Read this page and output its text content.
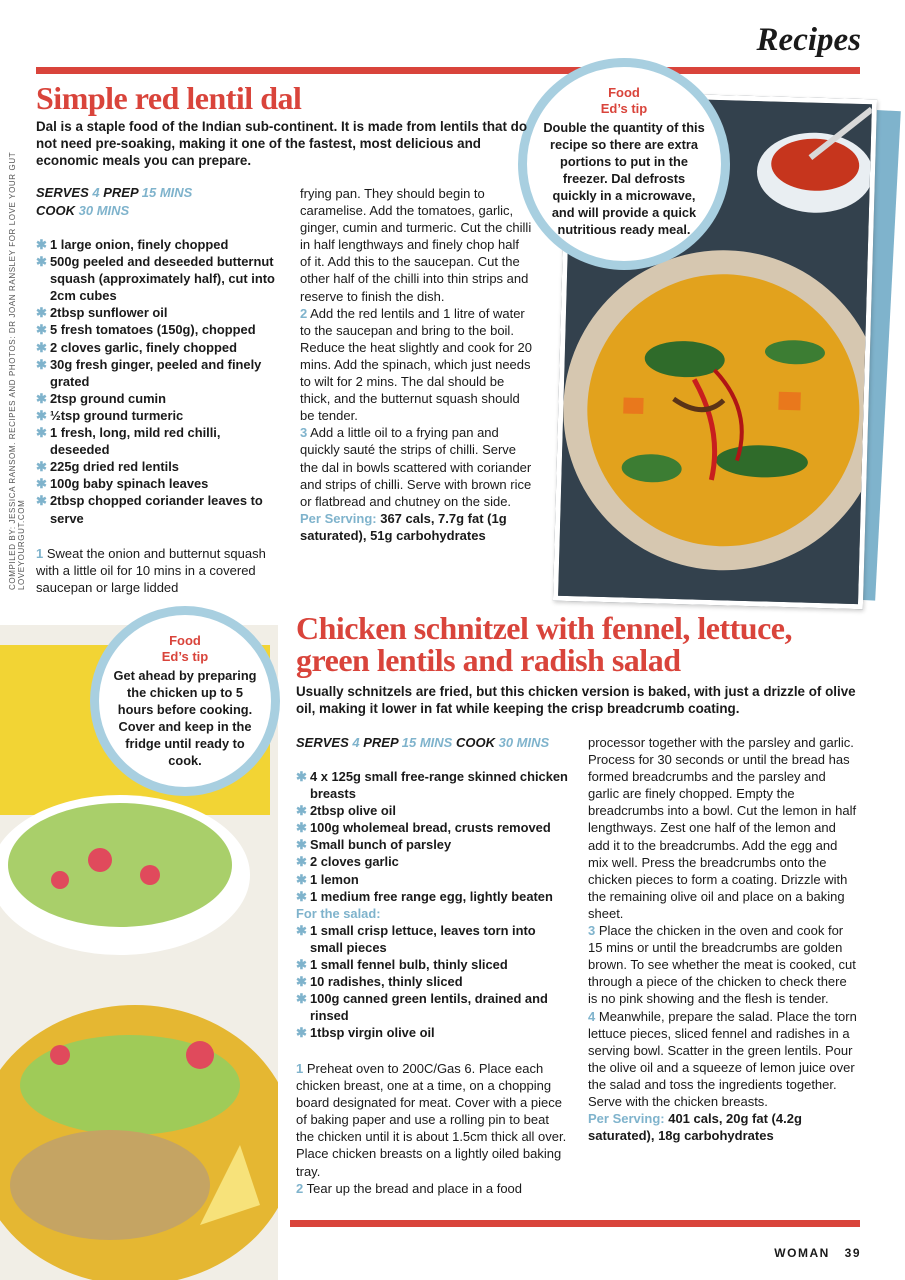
Recipes
COMPILED BY: JESSICA RANSOM. RECIPES AND PHOTOS: DR JOAN RANSLEY FOR LOVE YOUR GUT LOVEYOURGUT.COM
Food
Ed’s tip
Double the quantity of this recipe so there are extra portions to put in the freezer. Dal defrosts quickly in a microwave, and will provide a quick nutritious ready meal.
Simple red lentil dal
Dal is a staple food of the Indian sub-continent. It is made from lentils that do not need pre-soaking, making it one of the fastest, most delicious and economic meals you can prepare.
SERVES 4 PREP 15 MINS
COOK 30 MINS
✱ 1 large onion, finely chopped
✱ 500g peeled and deseeded butternut squash (approximately half), cut into 2cm cubes
✱ 2tbsp sunflower oil
✱ 5 fresh tomatoes (150g), chopped
✱ 2 cloves garlic, finely chopped
✱ 30g fresh ginger, peeled and finely grated
✱ 2tsp ground cumin
✱ ½tsp ground turmeric
✱ 1 fresh, long, mild red chilli, deseeded
✱ 225g dried red lentils
✱ 100g baby spinach leaves
✱ 2tbsp chopped coriander leaves to serve

1 Sweat the onion and butternut squash with a little oil for 10 mins in a covered saucepan or large lidded

frying pan. They should begin to caramelise. Add the tomatoes, garlic, ginger, cumin and turmeric. Cut the chilli in half lengthways and finely chop half of it. Add this to the saucepan. Cut the other half of the chilli into thin strips and reserve to finish the dish.

2 Add the red lentils and 1 litre of water to the saucepan and bring to the boil. Reduce the heat slightly and cook for 20 mins. Add the spinach, which just needs to wilt for 2 mins. The dal should be thick, and the butternut squash should be tender.

3 Add a little oil to a frying pan and quickly sauté the strips of chilli. Serve the dal in bowls scattered with coriander and strips of chilli. Serve with brown rice or flatbread and chutney on the side.

Per Serving: 367 cals, 7.7g fat (1g saturated), 51g carbohydrates

Food
Ed’s tip
Get ahead by preparing the chicken up to 5 hours before cooking. Cover and keep in the fridge until ready to cook.
Chicken schnitzel with fennel, lettuce, green lentils and radish salad
Usually schnitzels are fried, but this chicken version is baked, with just a drizzle of olive oil, making it lower in fat while keeping the crisp breadcrumb coating.
SERVES 4 PREP 15 MINS COOK 30 MINS
✱ 4 x 125g small free-range skinned chicken breasts
✱ 2tbsp olive oil
✱ 100g wholemeal bread, crusts removed
✱ Small bunch of parsley
✱ 2 cloves garlic
✱ 1 lemon
✱ 1 medium free range egg, lightly beaten
For the salad:
✱ 1 small crisp lettuce, leaves torn into small pieces
✱ 1 small fennel bulb, thinly sliced
✱ 10 radishes, thinly sliced
✱ 100g canned green lentils, drained and rinsed
✱ 1tbsp virgin olive oil

1 Preheat oven to 200C/Gas 6. Place each chicken breast, one at a time, on a chopping board designated for meat. Cover with a piece of baking paper and use a rolling pin to beat the chicken until it is about 1.5cm thick all over. Place chicken breasts on a lightly oiled baking tray.

2 Tear up the bread and place in a food

processor together with the parsley and garlic. Process for 30 seconds or until the bread has formed breadcrumbs and the parsley and garlic are finely chopped. Empty the breadcrumbs into a bowl. Cut the lemon in half lengthways. Zest one half of the lemon and add it to the breadcrumbs. Add the egg and mix well. Press the breadcrumbs onto the chicken pieces to form a coating. Drizzle with the remaining olive oil and place on a baking sheet.

3 Place the chicken in the oven and cook for 15 mins or until the breadcrumbs are golden brown. To see whether the meat is cooked, cut through a piece of the chicken to check there is no pink showing and the flesh is tender.

4 Meanwhile, prepare the salad. Place the torn lettuce pieces, sliced fennel and radishes in a serving bowl. Scatter in the green lentils. Pour the olive oil and a squeeze of lemon juice over the salad and toss the ingredients together. Serve with the chicken breasts.

Per Serving: 401 cals, 20g fat (4.2g saturated), 18g carbohydrates

WOMAN 39
